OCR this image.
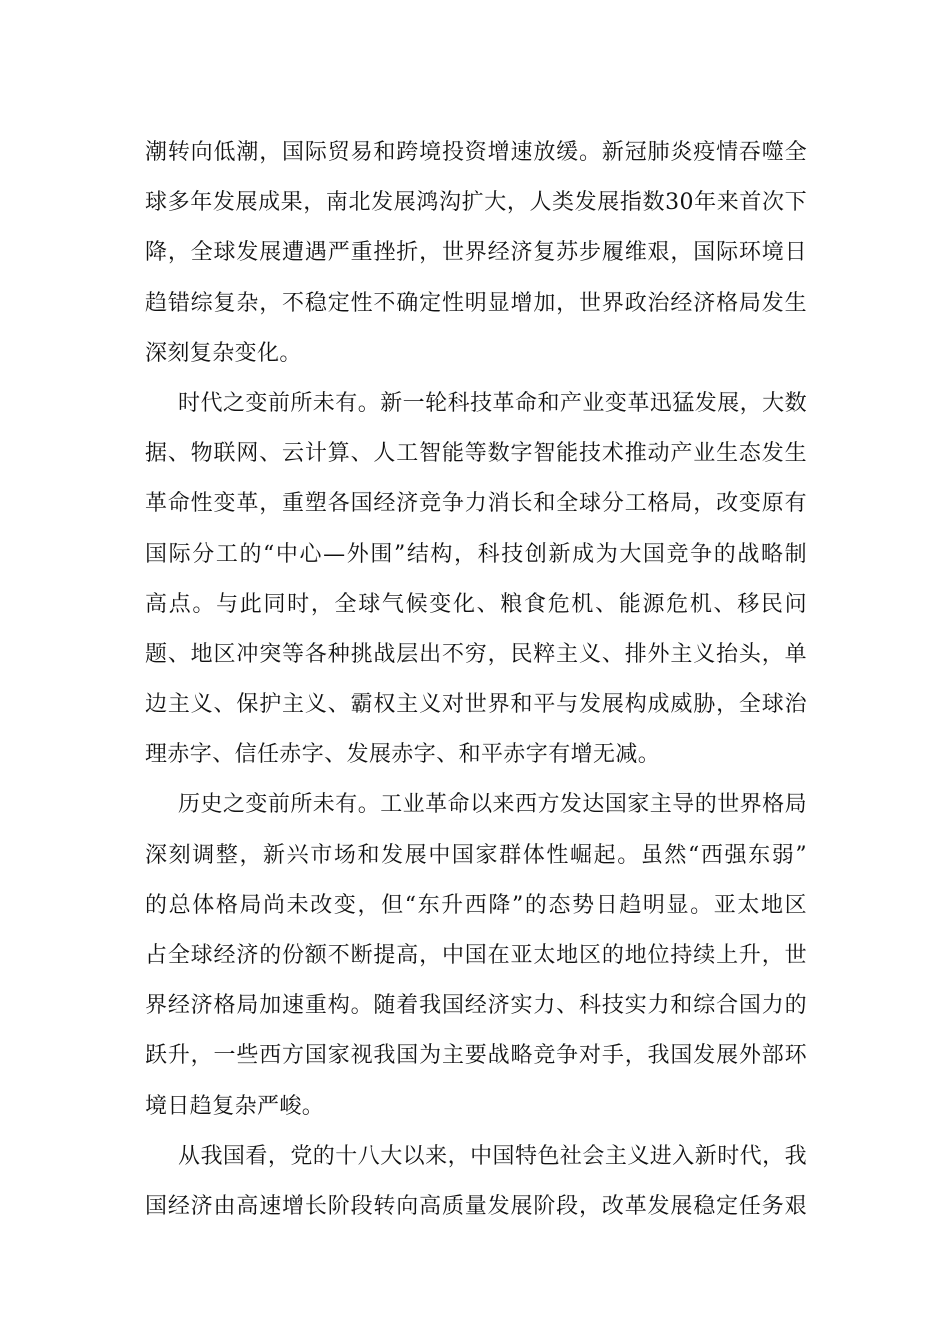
潮转向低潮，国际贸易和跨境投资增速放缓。新冠肺炎疫情吞噬全
球多年发展成果，南北发展鸿沟扩大，人类发展指数30年来首次下
降，全球发展遭遇严重挫折，世界经济复苏步履维艰，国际环境日
趋错综复杂，不稳定性不确定性明显增加，世界政治经济格局发生
深刻复杂变化。
时代之变前所未有。新一轮科技革命和产业变革迅猛发展，大数
据、物联网、云计算、人工智能等数字智能技术推动产业生态发生
革命性变革，重塑各国经济竞争力消长和全球分工格局，改变原有
国际分工的“中心—外围”结构，科技创新成为大国竞争的战略制
高点。与此同时，全球气候变化、粮食危机、能源危机、移民问
题、地区冲突等各种挑战层出不穷，民粹主义、排外主义抬头，单
边主义、保护主义、霸权主义对世界和平与发展构成威胁，全球治
理赤字、信任赤字、发展赤字、和平赤字有增无减。
历史之变前所未有。工业革命以来西方发达国家主导的世界格局
深刻调整，新兴市场和发展中国家群体性崛起。虽然“西强东弱”
的总体格局尚未改变，但“东升西降”的态势日趋明显。亚太地区
占全球经济的份额不断提高，中国在亚太地区的地位持续上升，世
界经济格局加速重构。随着我国经济实力、科技实力和综合国力的
跃升，一些西方国家视我国为主要战略竞争对手，我国发展外部环
境日趋复杂严峻。
从我国看，党的十八大以来，中国特色社会主义进入新时代，我
国经济由高速增长阶段转向高质量发展阶段，改革发展稳定任务艰
